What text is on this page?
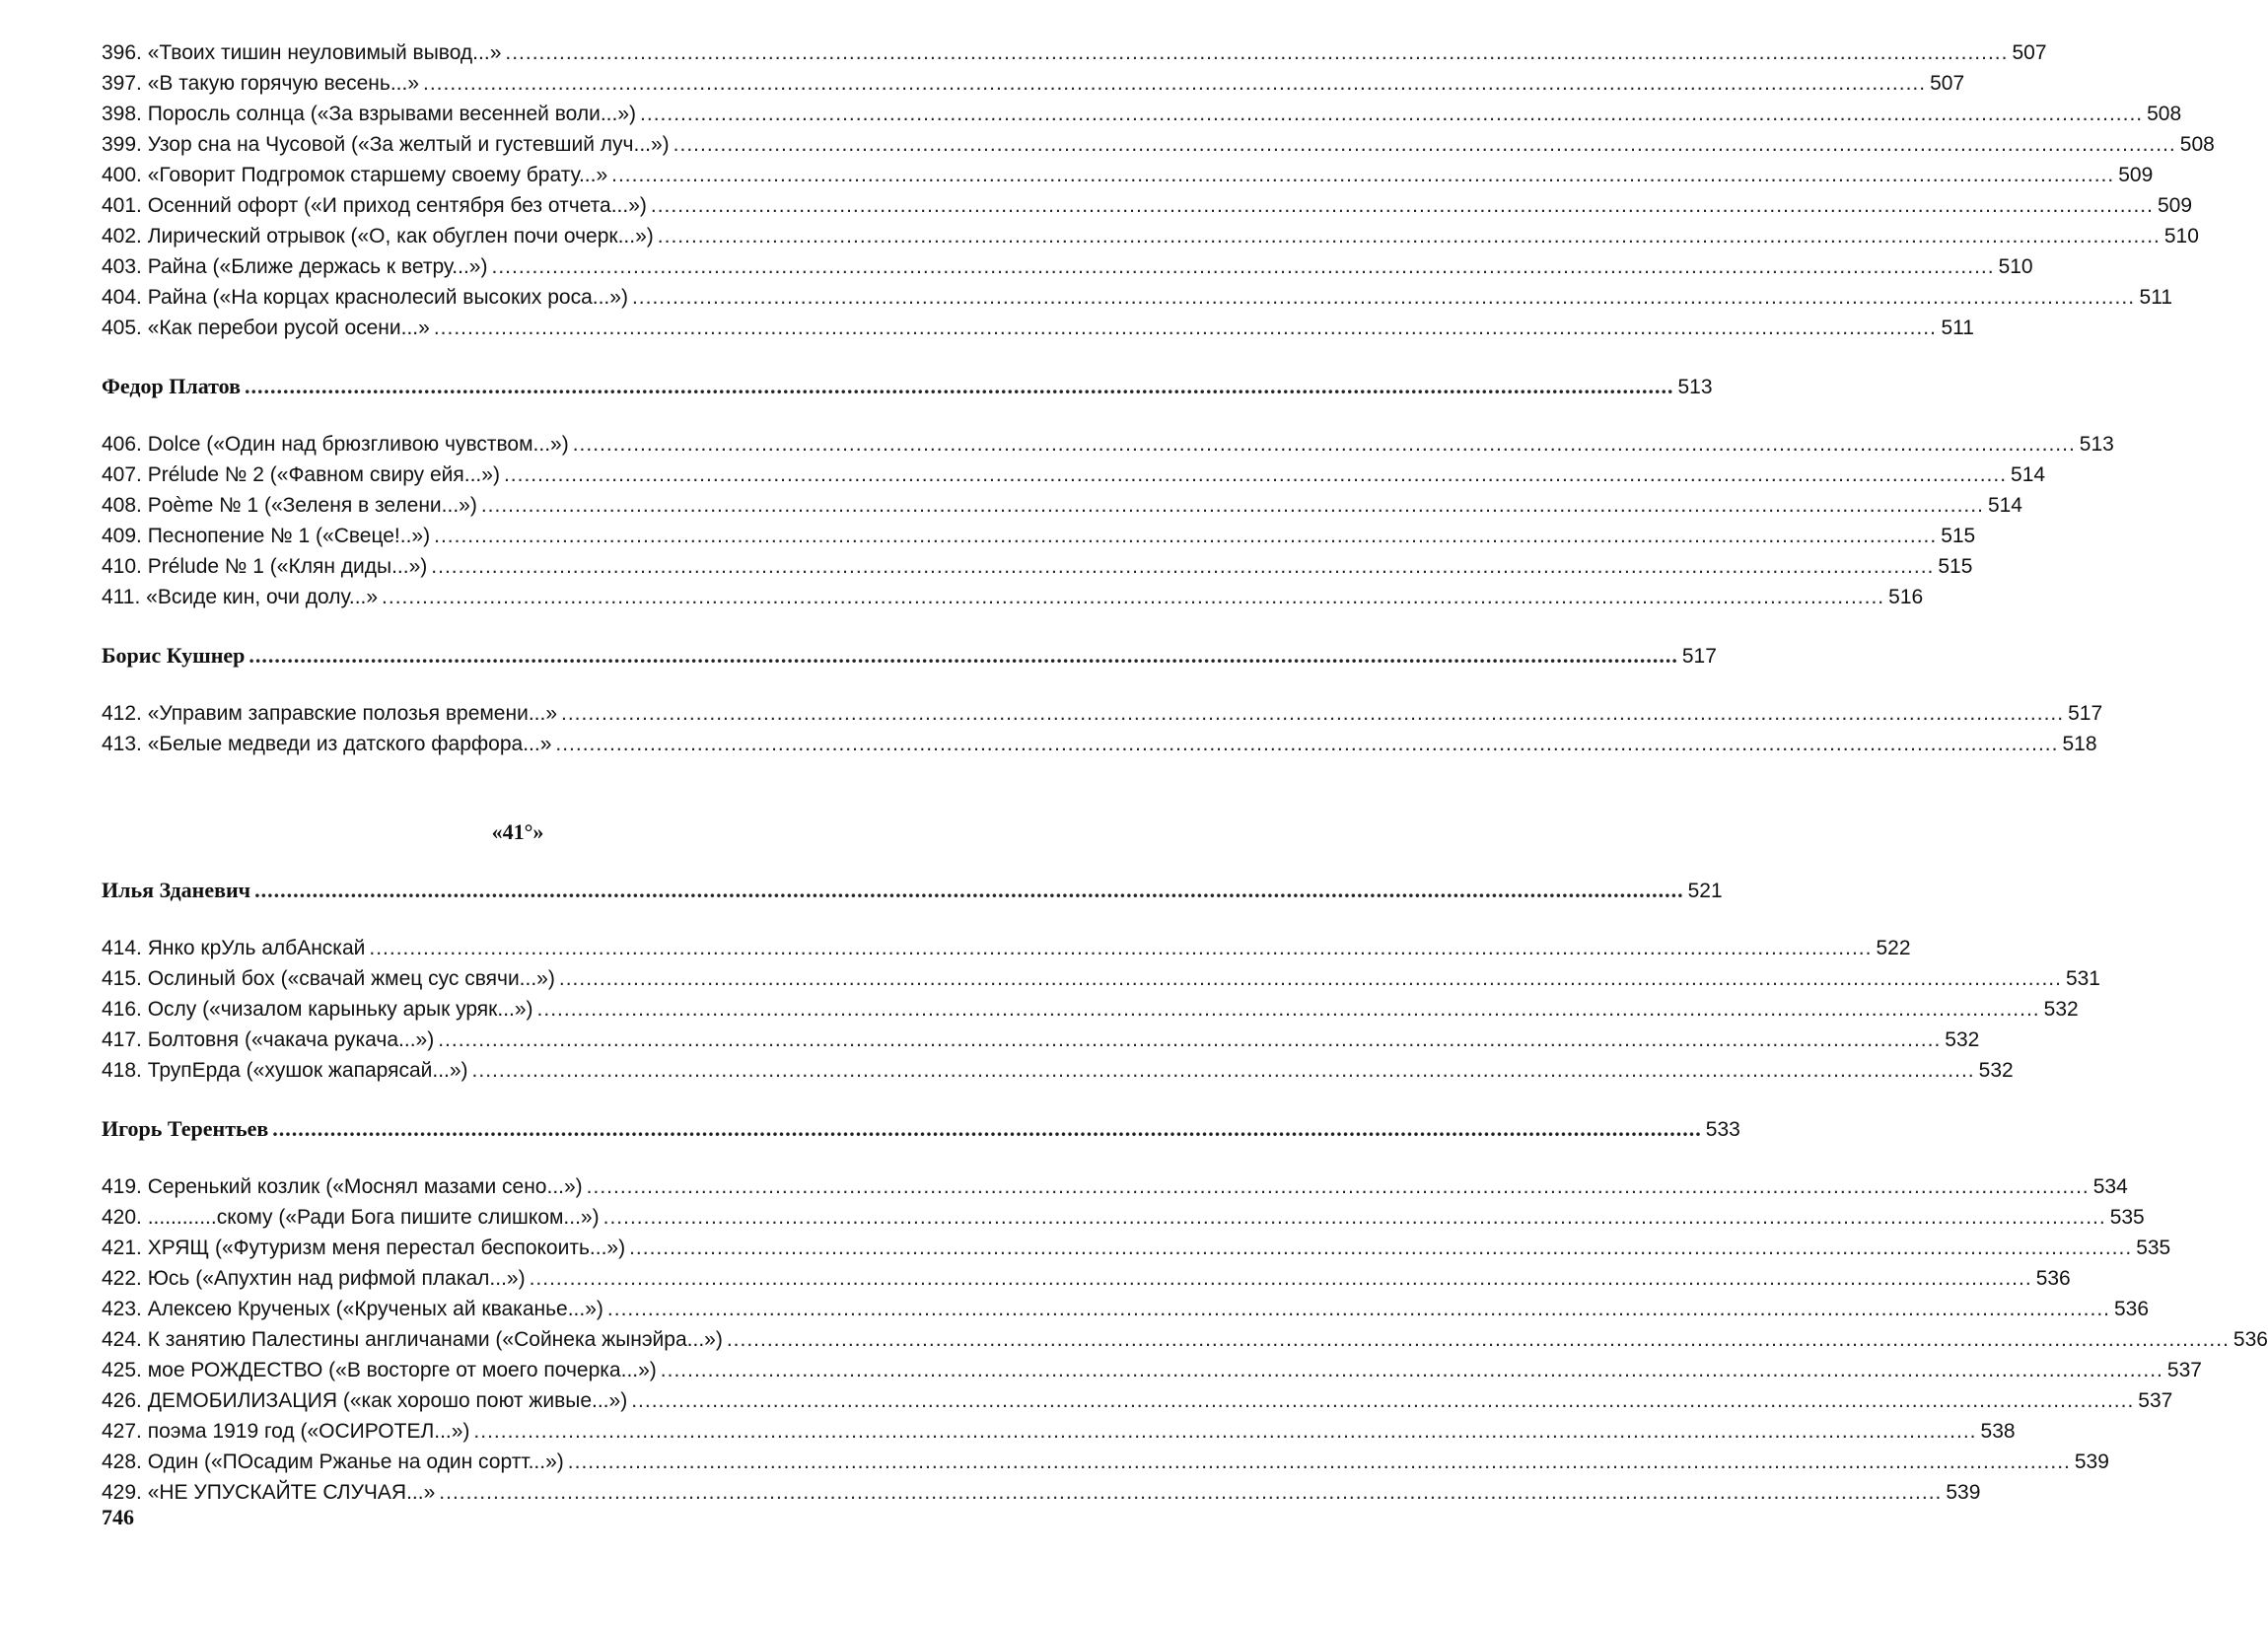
396. «Твоих тишин неуловимый вывод...» .....	507
397. «В такую горячую весень...» .....	507
398. Поросль солнца («За взрывами весенней воли...») .....	508
399. Узор сна на Чусовой («За желтый и густевший луч...») .....	508
400. «Говорит Подгромок старшему своему брату...» .....	509
401. Осенний офорт («И приход сентября без отчета...») .....	509
402. Лирический отрывок («О, как обуглен почи очерк...») .....	510
403. Райна («Ближе держась к ветру...») .....	510
404. Райна («На корцах краснолесий высоких роса...») .....	511
405. «Как перебои русой осени...» .....	511
Федор Платов .....	513
406. Dolce («Один над брюзгливою чувством...») .....	513
407. Prélude № 2 («Фавном свиру ейя...») .....	514
408. Poème № 1 («Зеленя в зелени...») .....	514
409. Песнопение № 1 («Свеце!..») .....	515
410. Prélude № 1 («Клян диды...») .....	515
411. «Всиде кин, очи долу...» .....	516
Борис Кушнер .....	517
412. «Управим заправские полозья времени...» .....	517
413. «Белые медведи из датского фарфора...» .....	518
«41°»
Илья Зданевич .....	521
414. Янко крУль албАнскай .....	522
415. Ослиный бох («свачай жмец сус свячи...») .....	531
416. Ослу («чизалом карыньку арык уряк...») .....	532
417. Болтовня («чакача рукача...») .....	532
418. ТрупЕрда («хушок жапарясай...») .....	532
Игорь Терентьев .....	533
419. Серенький козлик («Моснял мазами сено...») .....	534
420. ............скому («Ради Бога пишите слишком...») .....	535
421. ХРЯЩ («Футуризм меня перестал беспокоить...») .....	535
422. Юсь («Апухтин над рифмой плакал...») .....	536
423. Алексею Крученых («Крученых ай кваканье...») .....	536
424. К занятию Палестины англичанами («Сойнека жынэйра...») .....	536
425. мое РОЖДЕСТВО («В восторге от моего почерка...») .....	537
426. ДЕМОБИЛИЗАЦИЯ («как хорошо поют живые...») .....	537
427. поэма 1919 год («ОСИРОТЕЛ...») .....	538
428. Один («ПОсадим Ржанье на один сортт...») .....	539
429. «НЕ УПУСКАЙТЕ СЛУЧАЯ...» .....	539
746
